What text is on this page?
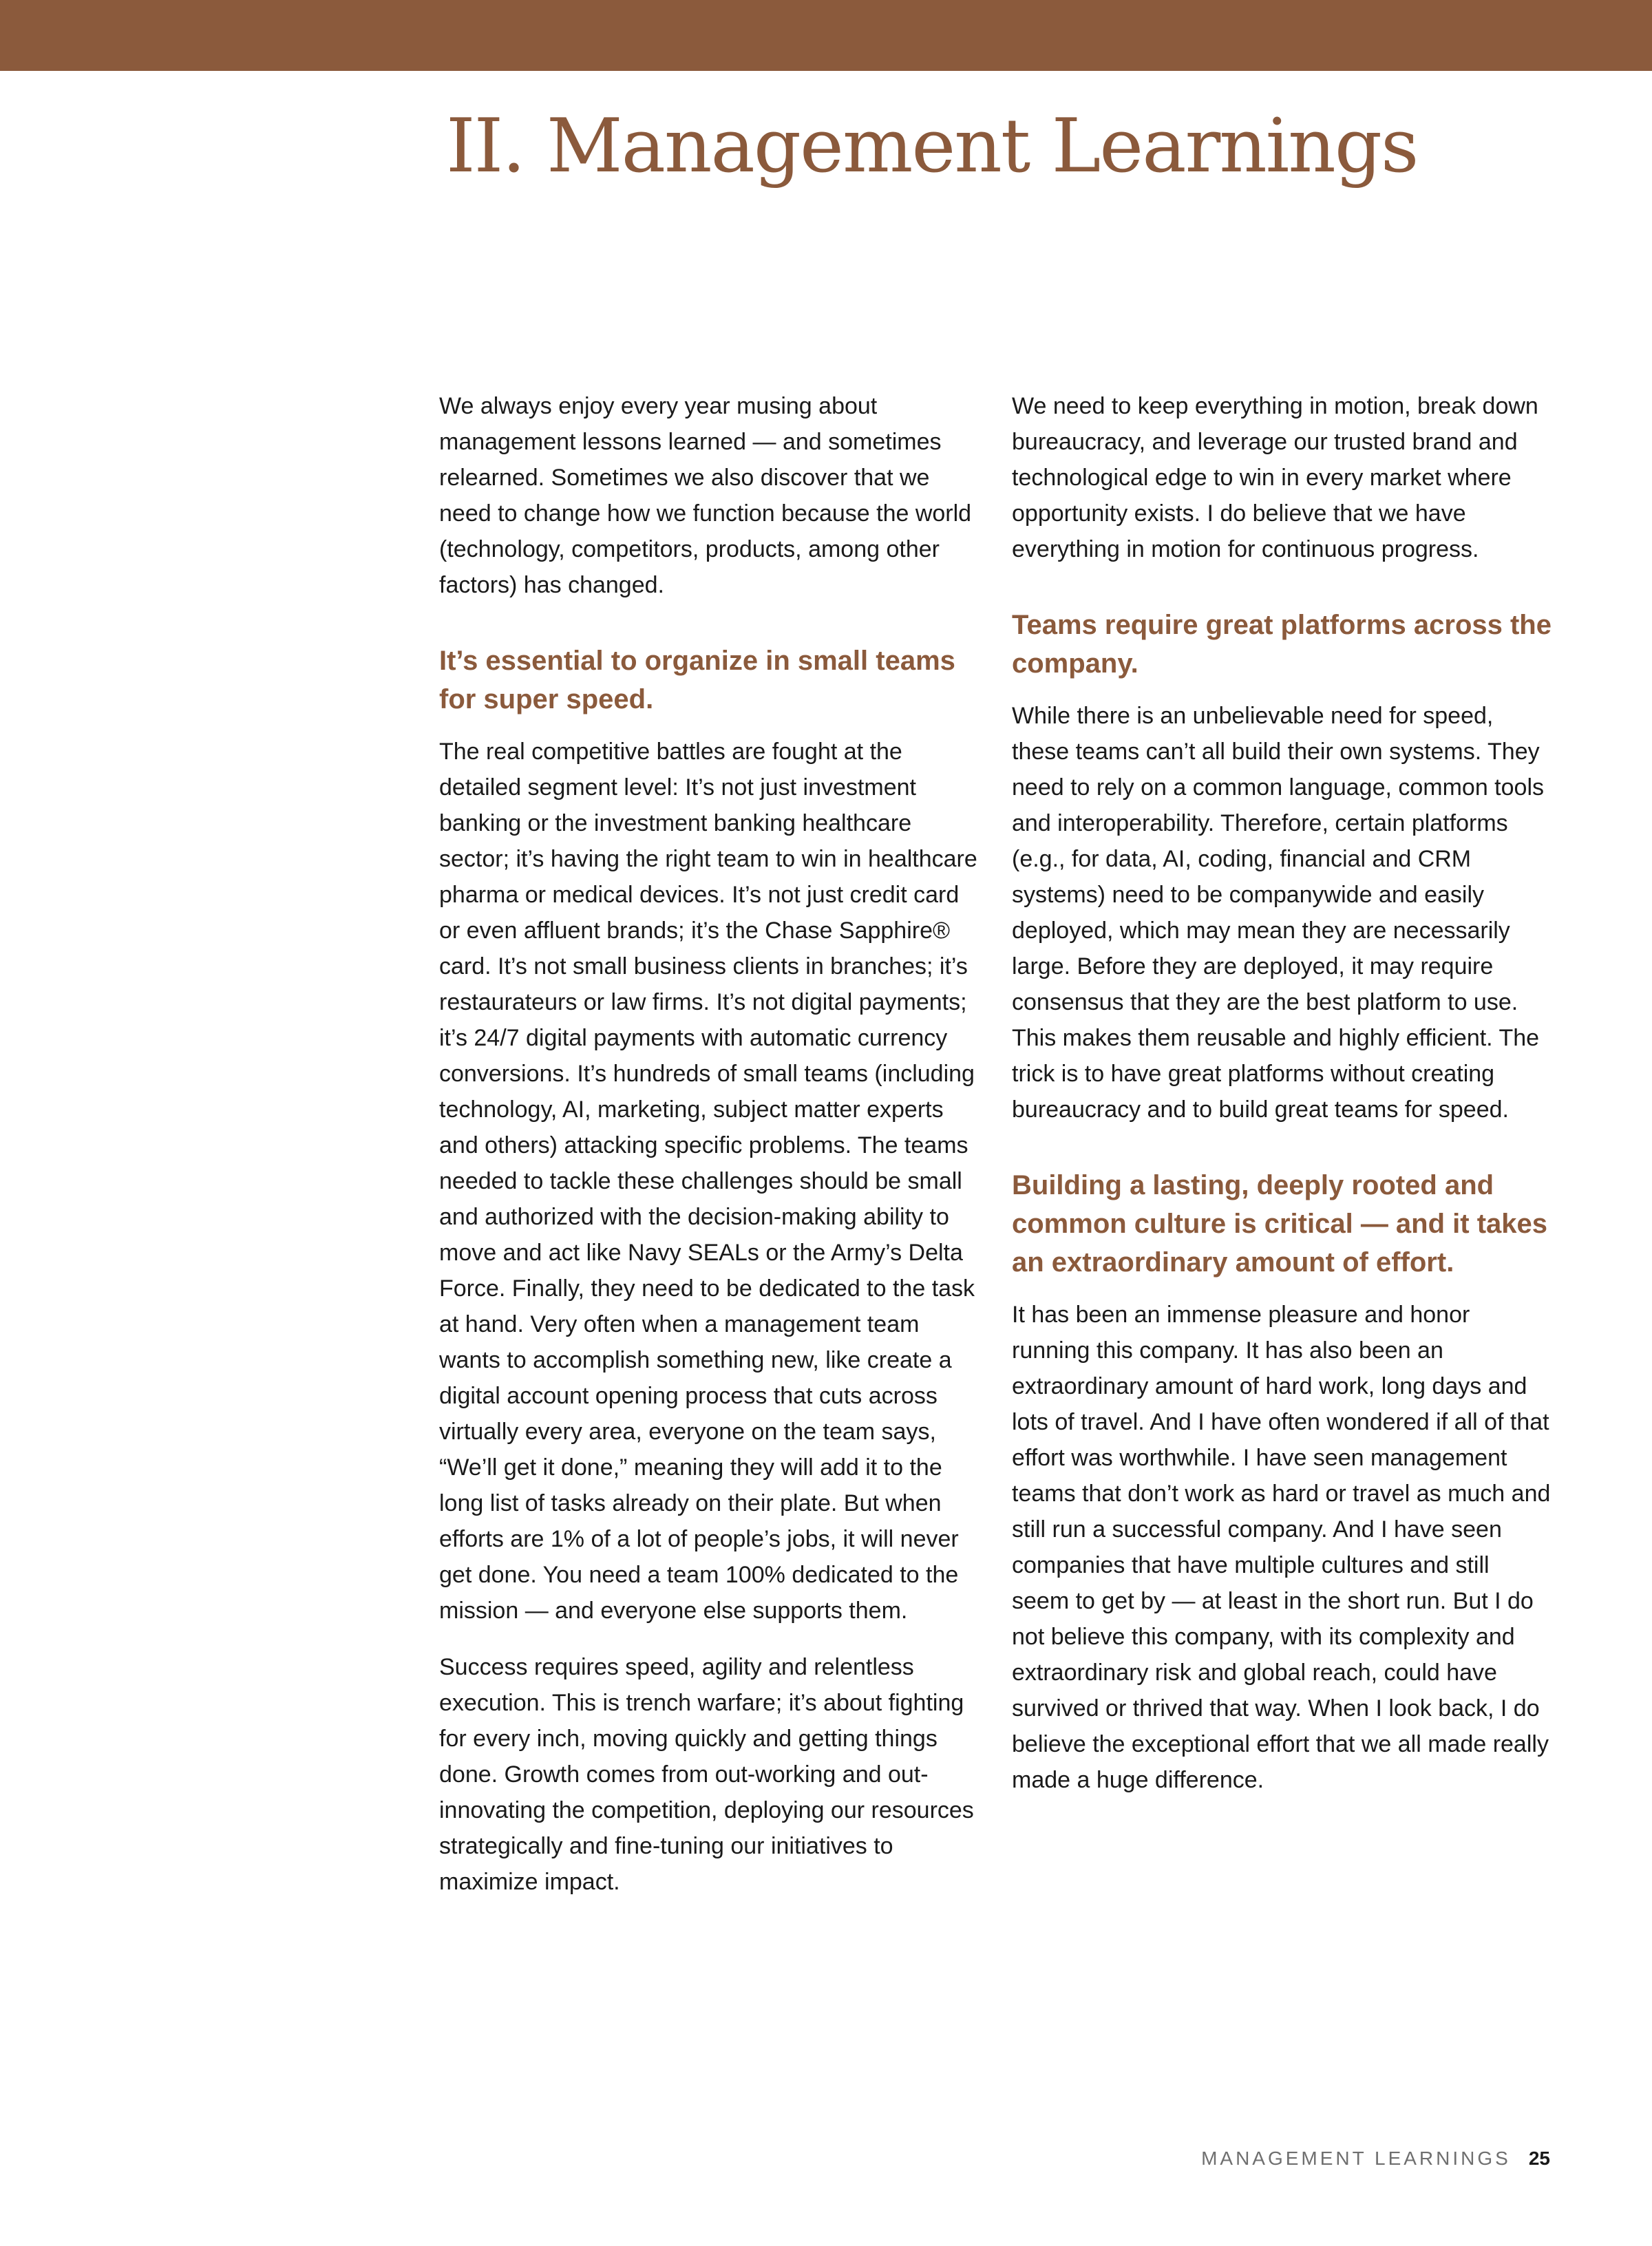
II. Management Learnings

We always enjoy every year musing about management lessons learned — and sometimes relearned. Sometimes we also discover that we need to change how we function because the world (technology, competitors, products, among other factors) has changed.

It’s essential to organize in small teams for super speed.

The real competitive battles are fought at the detailed segment level: It’s not just investment banking or the investment banking healthcare sector; it’s having the right team to win in healthcare pharma or medical devices. It’s not just credit card or even affluent brands; it’s the Chase Sapphire® card. It’s not small business clients in branches; it’s restaurateurs or law firms. It’s not digital payments; it’s 24/7 digital payments with automatic currency conversions. It’s hundreds of small teams (including technology, AI, marketing, subject matter experts and others) attacking specific problems. The teams needed to tackle these challenges should be small and authorized with the decision-making ability to move and act like Navy SEALs or the Army’s Delta Force. Finally, they need to be dedicated to the task at hand. Very often when a management team wants to accomplish something new, like create a digital account opening process that cuts across virtually every area, everyone on the team says, “We’ll get it done,” meaning they will add it to the long list of tasks already on their plate. But when efforts are 1% of a lot of people’s jobs, it will never get done. You need a team 100% dedicated to the mission — and everyone else supports them.

Success requires speed, agility and relentless execution. This is trench warfare; it’s about fighting for every inch, moving quickly and getting things done. Growth comes from out-working and out-innovating the competition, deploying our resources strategically and fine-tuning our initiatives to maximize impact.

We need to keep everything in motion, break down bureaucracy, and leverage our trusted brand and technological edge to win in every market where opportunity exists. I do believe that we have everything in motion for continuous progress.

Teams require great platforms across the company.

While there is an unbelievable need for speed, these teams can’t all build their own systems. They need to rely on a common language, common tools and interoperability. Therefore, certain platforms (e.g., for data, AI, coding, financial and CRM systems) need to be companywide and easily deployed, which may mean they are necessarily large. Before they are deployed, it may require consensus that they are the best platform to use. This makes them reusable and highly efficient. The trick is to have great platforms without creating bureaucracy and to build great teams for speed.

Building a lasting, deeply rooted and common culture is critical — and it takes an extraordinary amount of effort.

It has been an immense pleasure and honor running this company. It has also been an extraordinary amount of hard work, long days and lots of travel. And I have often wondered if all of that effort was worthwhile. I have seen management teams that don’t work as hard or travel as much and still run a successful company. And I have seen companies that have multiple cultures and still seem to get by — at least in the short run. But I do not believe this company, with its complexity and extraordinary risk and global reach, could have survived or thrived that way. When I look back, I do believe the exceptional effort that we all made really made a huge difference.

MANAGEMENT LEARNINGS 25
